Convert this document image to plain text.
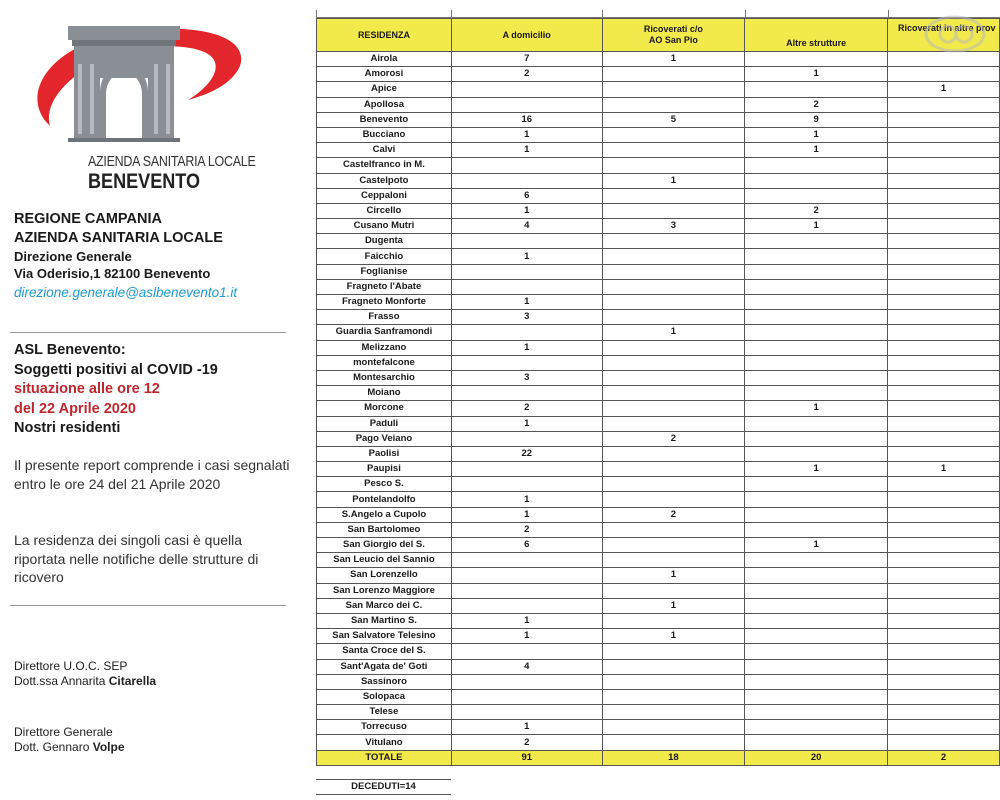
AZIENDA SANITARIA LOCALE
BENEVENTO
REGIONE CAMPANIA
AZIENDA SANITARIA LOCALE
Direzione Generale
Via Oderisio,1 82100 Benevento
direzione.generale@aslbenevento1.it
ASL Benevento:
Soggetti positivi al COVID -19
situazione alle ore 12
del 22 Aprile 2020
Nostri residenti
Il presente report comprende i casi segnalati entro le ore 24 del 21 Aprile 2020
La residenza dei singoli casi è quella riportata nelle notifiche delle strutture di ricovero
Direttore U.O.C. SEP
Dott.ssa Annarita Citarella
Direttore Generale
Dott. Gennaro Volpe
RESIDENZA	A domicilio	Ricoverati c/o
AO San Pio	Altre strutture	Ricoverati in altre prov
Airola	7	1		
Amorosi	2		1	
Apice				1
Apollosa			2	
Benevento	16	5	9	
Bucciano	1		1	
Calvi	1		1	
Castelfranco in M.				
Castelpoto		1		
Ceppaloni	6			
Circello	1		2	
Cusano Mutri	4	3	1	
Dugenta				
Faicchio	1			
Foglianise				
Fragneto l'Abate				
Fragneto Monforte	1			
Frasso	3			
Guardia Sanframondi		1		
Melizzano	1			
montefalcone				
Montesarchio	3			
Moiano				
Morcone	2		1	
Paduli	1			
Pago Veiano		2		
Paolisi	22			
Paupisi			1	1
Pesco S.				
Pontelandolfo	1			
S.Angelo a Cupolo	1	2		
San Bartolomeo	2			
San Giorgio del S.	6		1	
San Leucio del Sannio				
San Lorenzello		1		
San Lorenzo Maggiore				
San Marco dei C.		1		
San Martino S.	1			
San Salvatore Telesino	1	1		
Santa Croce del S.				
Sant'Agata de' Goti	4			
Sassinoro				
Solopaca				
Telese				
Torrecuso	1			
Vitulano	2			
TOTALE	91	18	20	2
DECEDUTI=14
